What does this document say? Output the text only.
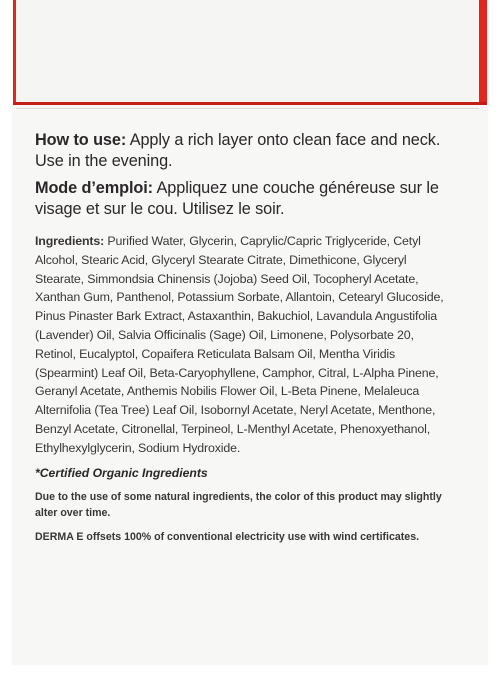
How to use: Apply a rich layer onto clean face and neck. Use in the evening.
Mode d’emploi: Appliquez une couche généreuse sur le visage et sur le cou. Utilisez le soir.
Ingredients: Purified Water, Glycerin, Caprylic/Capric Triglyceride, Cetyl Alcohol, Stearic Acid, Glyceryl Stearate Citrate, Dimethicone, Glyceryl Stearate, Simmondsia Chinensis (Jojoba) Seed Oil, Tocopheryl Acetate, Xanthan Gum, Panthenol, Potassium Sorbate, Allantoin, Cetearyl Glucoside, Pinus Pinaster Bark Extract, Astaxanthin, Bakuchiol, Lavandula Angustifolia (Lavender) Oil, Salvia Officinalis (Sage) Oil, Limonene, Polysorbate 20, Retinol, Eucalyptol, Copaifera Reticulata Balsam Oil, Mentha Viridis (Spearmint) Leaf Oil, Beta-Caryophyllene, Camphor, Citral, L-Alpha Pinene, Geranyl Acetate, Anthemis Nobilis Flower Oil, L-Beta Pinene, Melaleuca Alternifolia (Tea Tree) Leaf Oil, Isobornyl Acetate, Neryl Acetate, Menthone, Benzyl Acetate, Citronellal, Terpineol, L-Menthyl Acetate, Phenoxyethanol, Ethylhexylglycerin, Sodium Hydroxide.
*Certified Organic Ingredients
Due to the use of some natural ingredients, the color of this product may slightly alter over time.
DERMA E offsets 100% of conventional electricity use with wind certificates.
